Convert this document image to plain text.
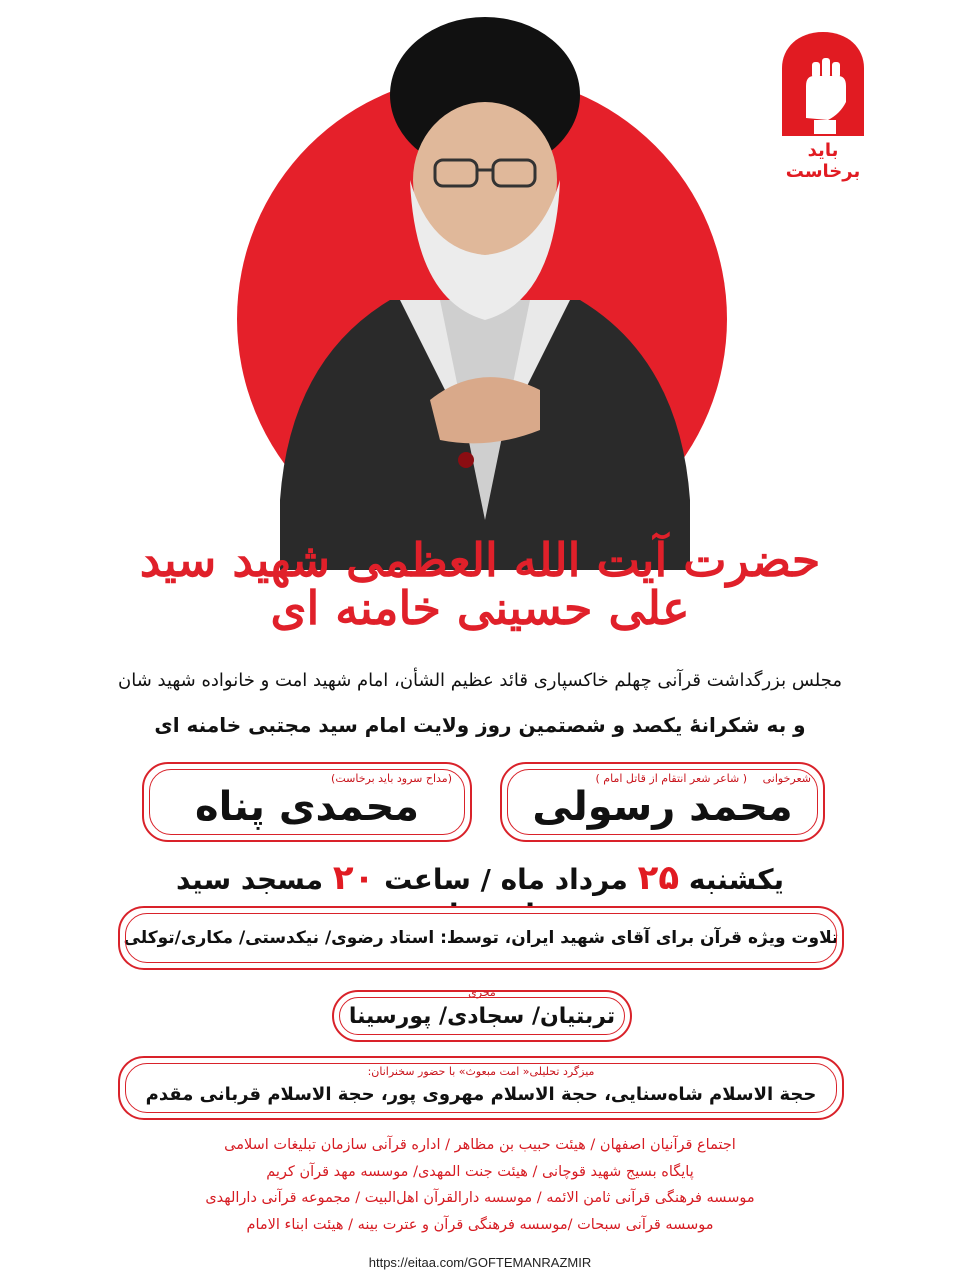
باید برخاست
حضرت آیت الله العظمی شهید سید علی حسینی خامنه ای
مجلس بزرگداشت قرآنی چهلم خاکسپاری قائد عظیم الشأن، امام شهید امت و خانواده شهید شان
و به شکرانهٔ یکصد و شصتمین روز ولایت امام سید مجتبی خامنه ای
شعرخوانی
( شاعر شعر انتقام از قاتل امام )
محمد رسولی
(مداح سرود باید برخاست)
محمدی پناه
یکشنبه ۲۵ مرداد ماه / ساعت ۲۰ مسجد سید
تلاوت ویژه قرآن برای آقای شهید ایران، توسط: استاد رضوی/ نیکدستی/ مکاری/توکلی
مجری
تربتیان/ سجادی/ پورسینا
میزگرد تحلیلی« امت مبعوث» با حضور سخنرانان:
حجة الاسلام شاه‌سنایی، حجة الاسلام مهروی پور، حجة الاسلام قربانی مقدم
اجتماع قرآنیان اصفهان / هیئت حبیب بن مظاهر / اداره قرآنی سازمان تبلیغات اسلامی
پایگاه بسیج شهید قوچانی / هیئت جنت المهدی/ موسسه مهد قرآن کریم
موسسه فرهنگی قرآنی ثامن الائمه / موسسه دارالقرآن اهل‌البیت / مجموعه قرآنی دارالهدی
موسسه قرآنی سبحات /موسسه فرهنگی قرآن و عترت بینه / هیئت ابناء الامام
https://eitaa.com/GOFTEMANRAZMIR
